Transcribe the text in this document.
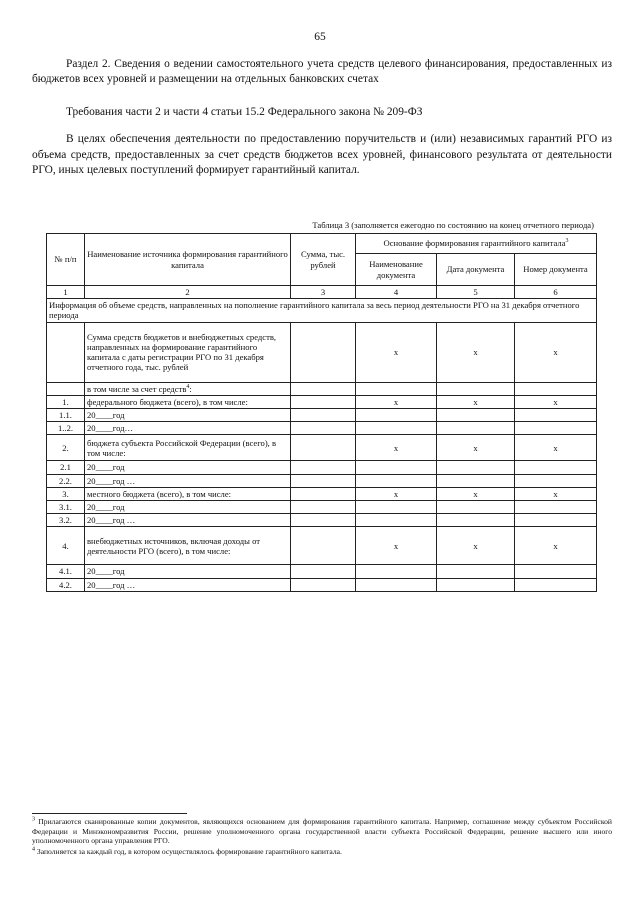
65
Раздел 2. Сведения о ведении самостоятельного учета средств целевого финансирования, предоставленных из бюджетов всех уровней и размещении на отдельных банковских счетах
Требования части 2 и части 4 статьи 15.2 Федерального закона № 209-ФЗ
В целях обеспечения деятельности по предоставлению поручительств и (или) независимых гарантий РГО из объема средств, предоставленных за счет средств бюджетов всех уровней, финансового результата от деятельности РГО, иных целевых поступлений формирует гарантийный капитал.
Таблица 3 (заполняется ежегодно по состоянию на конец отчетного периода)
№ п/п	Наименование источника формирования гарантийного капитала	Сумма, тыс. рублей	Основание формирования гарантийного капитала$^3$
			Наименование документа	Дата документа	Номер документа
1	2	3	4	5	6
Информация об объеме средств, направленных на пополнение гарантийного капитала за весь период деятельности РГО на 31 декабря отчетного периода					
	Сумма средств бюджетов и внебюджетных средств, направленных на формирование гарантийного капитала с даты регистрации РГО по 31 декабря отчетного года, тыс. рублей		x	x	x
	в том числе за счет средств$^4$:				
1.	федерального бюджета (всего), в том числе:		x	x	x
1.1.	20____год				
1..2.	20____год…				
2.	бюджета субъекта Российской Федерации (всего), в том числе:		x	x	x
2.1	20____год				
2.2.	20____год …				
3.	местного бюджета (всего), в том числе:		x	x	x
3.1.	20____год				
3.2.	20____год …				
4.	внебюджетных источников, включая доходы от деятельности РГО (всего), в том числе:		x	x	x
4.1.	20____год				
4.2.	20____год …				

$^3$ Прилагаются сканированные копии документов, являющихся основанием для формирования гарантийного капитала. Например, соглашение между субъектом Российской Федерации и Минэкономразвития России, решение уполномоченного органа государственной власти субъекта Российской Федерации, решение высшего или иного уполномоченного органа управления РГО.

$^4$ Заполняется за каждый год, в котором осуществлялось формирование гарантийного капитала.
